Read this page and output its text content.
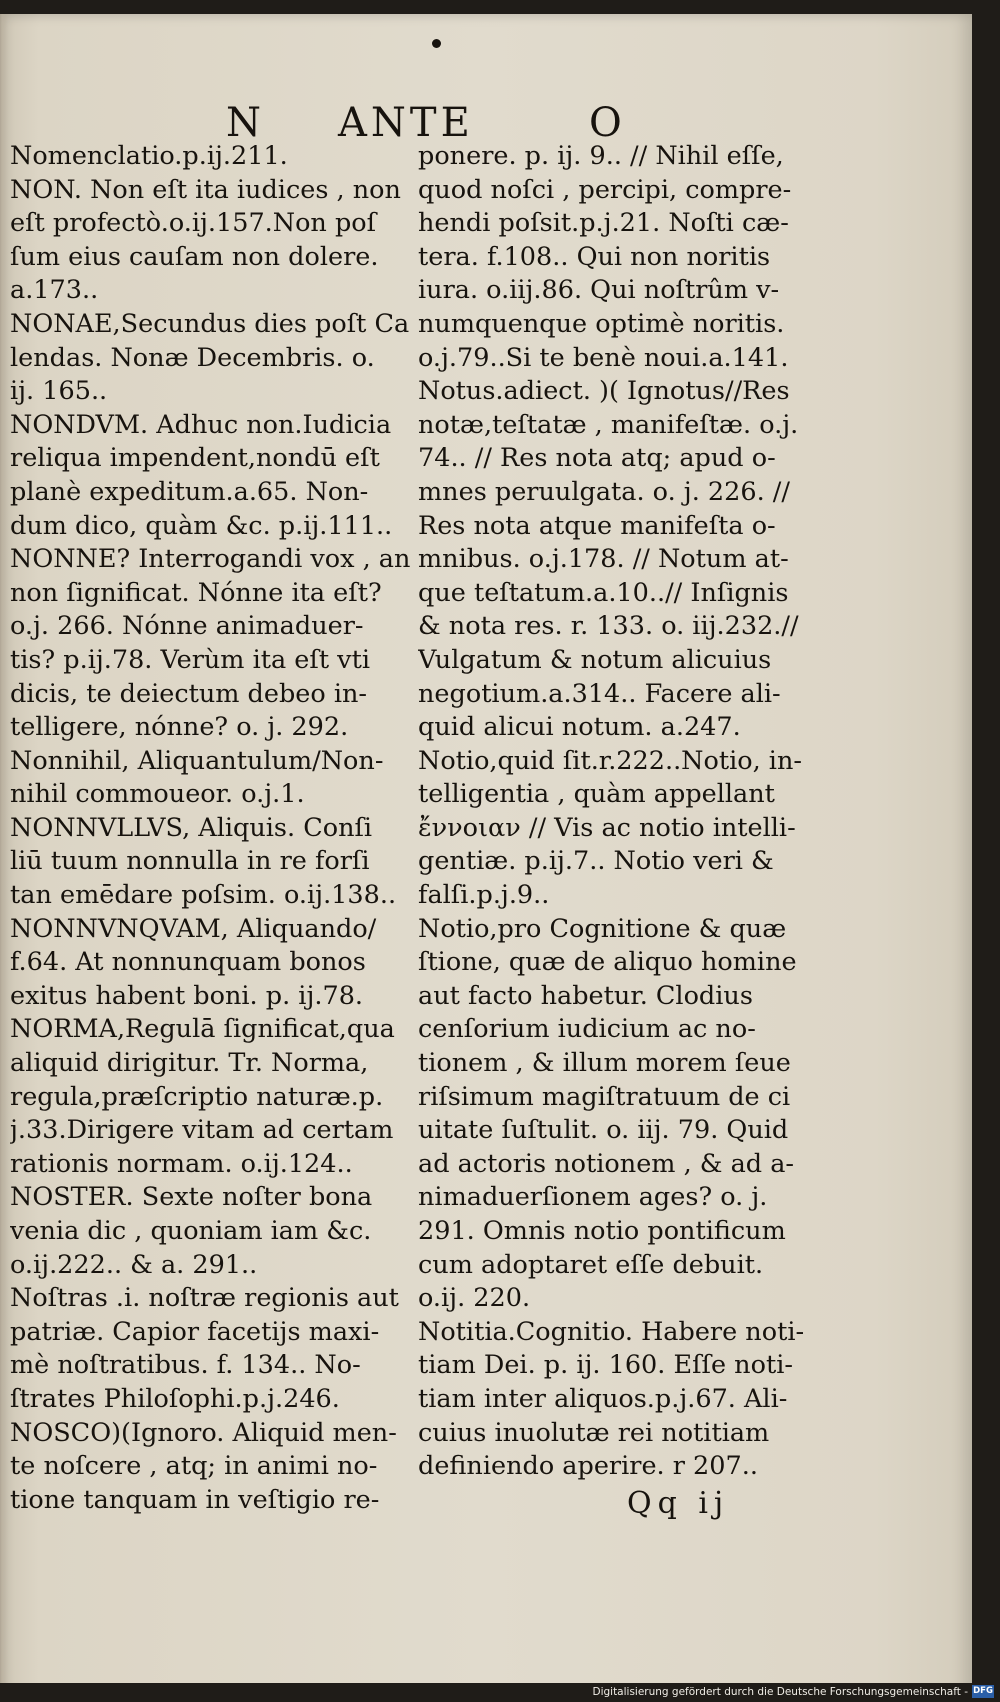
N ANTE	O
Nomenclatio.p.ij.211.
NON. Non eſt ita iudices , non
eſt profectò.o.ij.157.Non poſ
ſum eius cauſam non dolere.
a.173..
NONAE,Secundus dies poſt Ca
lendas. Nonæ Decembris. o.
ij. 165..
NONDVM. Adhuc non.Iudicia
reliqua impendent,nondū eſt
planè expeditum.a.65. Non-
dum dico, quàm &c. p.ij.111..
NONNE? Interrogandi vox , an
non ſignificat. Nónne ita eſt?
o.j. 266. Nónne animaduer-
tis? p.ij.78. Verùm ita eſt vti
dicis, te deiectum debeo in-
telligere, nónne? o. j. 292.
Nonnihil, Aliquantulum/Non-
nihil commoueor. o.j.1.
NONNVLLVS, Aliquis. Conſi
liū tuum nonnulla in re forſi
tan emēdare poſsim. o.ij.138..
NONNVNQVAM, Aliquando/
f.64. At nonnunquam bonos
exitus habent boni. p. ij.78.
NORMA,Regulā ſignificat,qua
aliquid dirigitur. Tr. Norma,
regula,præſcriptio naturæ.p.
j.33.Dirigere vitam ad certam
rationis normam. o.ij.124..
NOSTER. Sexte noſter bona
venia dic , quoniam iam &c.
o.ij.222.. & a. 291..
Noſtras .i. noſtræ regionis aut
patriæ. Capior facetijs maxi-
mè noſtratibus. f. 134.. No-
ſtrates Philoſophi.p.j.246.
NOSCO)(Ignoro. Aliquid men-
te noſcere , atq; in animi no-
tione tanquam in veſtigio re-
ponere. p. ij. 9.. // Nihil eſſe,
quod noſci , percipi, compre-
hendi poſsit.p.j.21. Noſti cæ-
tera. f.108.. Qui non noritis
iura. o.iij.86. Qui noſtrûm v-
numquenque optimè noritis.
o.j.79..Si te benè noui.a.141.
Notus.adiect. )( Ignotus//Res
notæ,teſtatæ , manifeſtæ. o.j.
74.. // Res nota atq; apud o-
mnes peruulgata. o. j. 226. //
Res nota atque manifeſta o-
mnibus. o.j.178. // Notum at-
que teſtatum.a.10..// Inſignis
& nota res. r. 133. o. iij.232.//
Vulgatum & notum alicuius
negotium.a.314.. Facere ali-
quid alicui notum. a.247.
Notio,quid ſit.r.222..Notio, in-
telligentia , quàm appellant
ἔννοιαν // Vis ac notio intelli-
gentiæ. p.ij.7.. Notio veri &
falſi.p.j.9..
Notio,pro Cognitione & quæ
ſtione, quæ de aliquo homine
aut facto habetur. Clodius
cenſorium iudicium ac no-
tionem , & illum morem ſeue
riſsimum magiſtratuum de ci
uitate ſuſtulit. o. iij. 79. Quid
ad actoris notionem , & ad a-
nimaduerſionem ages? o. j.
291. Omnis notio pontificum
cum adoptaret eſſe debuit.
o.ij. 220.
Notitia.Cognitio. Habere noti-
tiam Dei. p. ij. 160. Eſſe noti-
tiam inter aliquos.p.j.67. Ali-
cuius inuolutæ rei notitiam
definiendo aperire. r 207..
Qq ij
Digitalisierung gefördert durch die Deutsche Forschungsgemeinschaft - DFG
